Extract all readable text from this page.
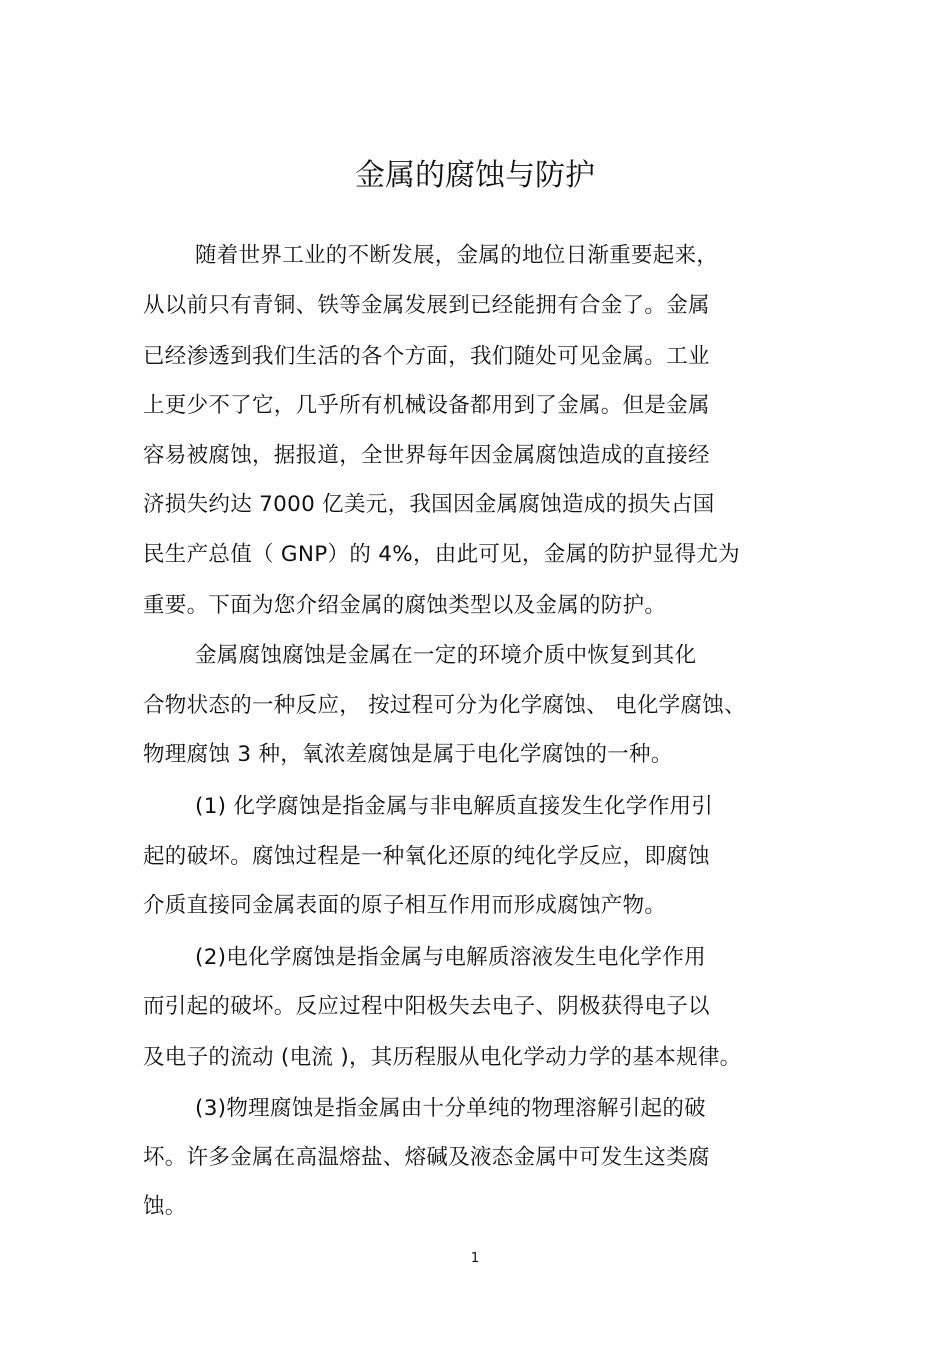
金属的腐蚀与防护
随着世界工业的不断发展，金属的地位日渐重要起来，
从以前只有青铜、铁等金属发展到已经能拥有合金了。金属
已经渗透到我们生活的各个方面，我们随处可见金属。工业
上更少不了它，几乎所有机械设备都用到了金属。但是金属
容易被腐蚀，据报道，全世界每年因金属腐蚀造成的直接经
济损失约达 7000 亿美元，我国因金属腐蚀造成的损失占国
民生产总值（ GNP）的 4%，由此可见，金属的防护显得尤为
重要。下面为您介绍金属的腐蚀类型以及金属的防护。
金属腐蚀腐蚀是金属在一定的环境介质中恢复到其化
合物状态的一种反应， 按过程可分为化学腐蚀、 电化学腐蚀、
物理腐蚀 3 种，氧浓差腐蚀是属于电化学腐蚀的一种。
(1) 化学腐蚀是指金属与非电解质直接发生化学作用引
起的破坏。腐蚀过程是一种氧化还原的纯化学反应，即腐蚀
介质直接同金属表面的原子相互作用而形成腐蚀产物。
(2)电化学腐蚀是指金属与电解质溶液发生电化学作用
而引起的破坏。反应过程中阳极失去电子、阴极获得电子以
及电子的流动 (电流 )，其历程服从电化学动力学的基本规律。
(3)物理腐蚀是指金属由十分单纯的物理溶解引起的破
坏。许多金属在高温熔盐、熔碱及液态金属中可发生这类腐
蚀。
1
